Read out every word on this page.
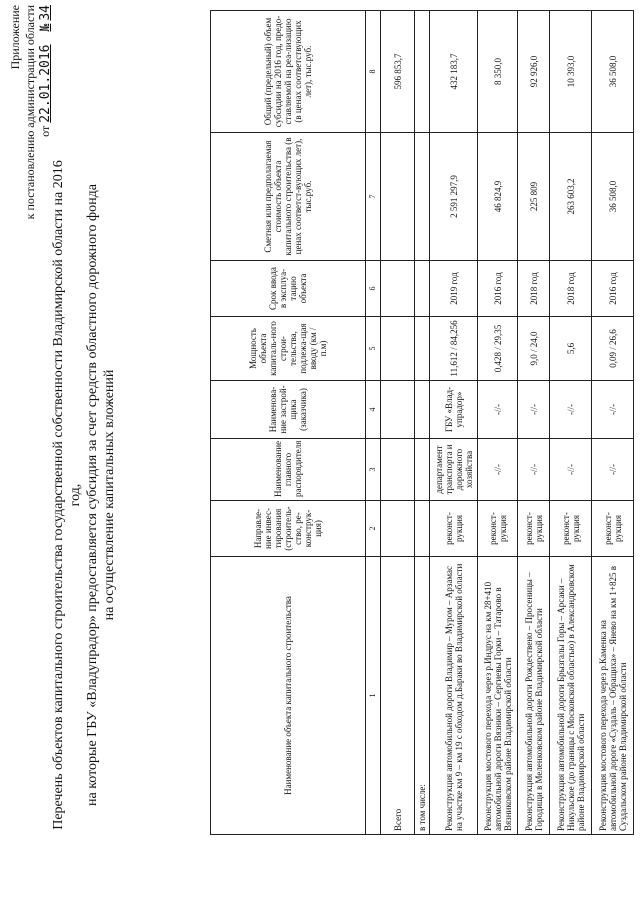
Приложение к постановлению администрации области от 22.01.2016 № 34
Перечень объектов капитального строительства государственной собственности Владимирской области на 2016 год, на которые ГБУ «Владупрадор» предоставляется субсидия за счет средств областного дорожного фонда на осуществление капитальных вложений
Наименование объекта капитального строительства	Направле-ние инвес-тирования (строитель-ство, ре-конструк-ция)	Наименование главного распорядителя	Наименова-ние застрой-щика (заказчика)	Мощность объекта капиталь-ного строи-тельства, подлежа-щая вводу (км / п.м)	Срок ввода в эксплуа-тацию объекта	Сметная или предполагаемая стоимость объекта капитального строительства (в ценах соответст-вующих лет), тыс.руб.	Общий (предельный) объем субсидии на 2016 год, предо-ставляемой на реа-лизацию (в ценах соответствующих лет), тыс.руб.
1	2	3	4	5	6	7	8
Всего							596 853,7
в том числе:							
Реконструкция автомобильной дороги Владимир – Муром – Арзамас на участке км 9 – км 19 с обходом д.Бараки во Владимирской области	реконст-рукция	департамент транспорта и дорожного хозяйства	ГБУ «Влад-упрадор»	11,612 / 84,256	2019 год	2 591 297,9	432 183,7
Реконструкция мостового перехода через р.Индрус на км 28+410 автомобильной дороги Вязники – Сергиевы Горки – Татарово в Вязниковском районе Владимирской области	реконст-рукция	-//-	-//-	0,428 / 29,35	2016 год	46 824,9	8 350,0
Реконструкция автомобильной дороги Рождествено – Просеницы – Городищи в Меленковском районе Владимирской области	реконст-рукция	-//-	-//-	9,0 / 24,0	2018 год	225 809	92 926,0
Реконструкция автомобильной дороги Брызгалы Горы – Арсаки – Никульское (до границы с Московской областью) в Александровском районе Владимирской области	реконст-рукция	-//-	-//-	5,6	2018 год	263 603,2	10 393,0
Реконструкция мостового перехода через р.Каменка на автомобильной дороге «Суздаль – Обращиха» – Янево на км 1+825 в Суздальском районе Владимирской области	реконст-рукция	-//-	-//-	0,09 / 26,6	2016 год	36 508,0	36 508,0
